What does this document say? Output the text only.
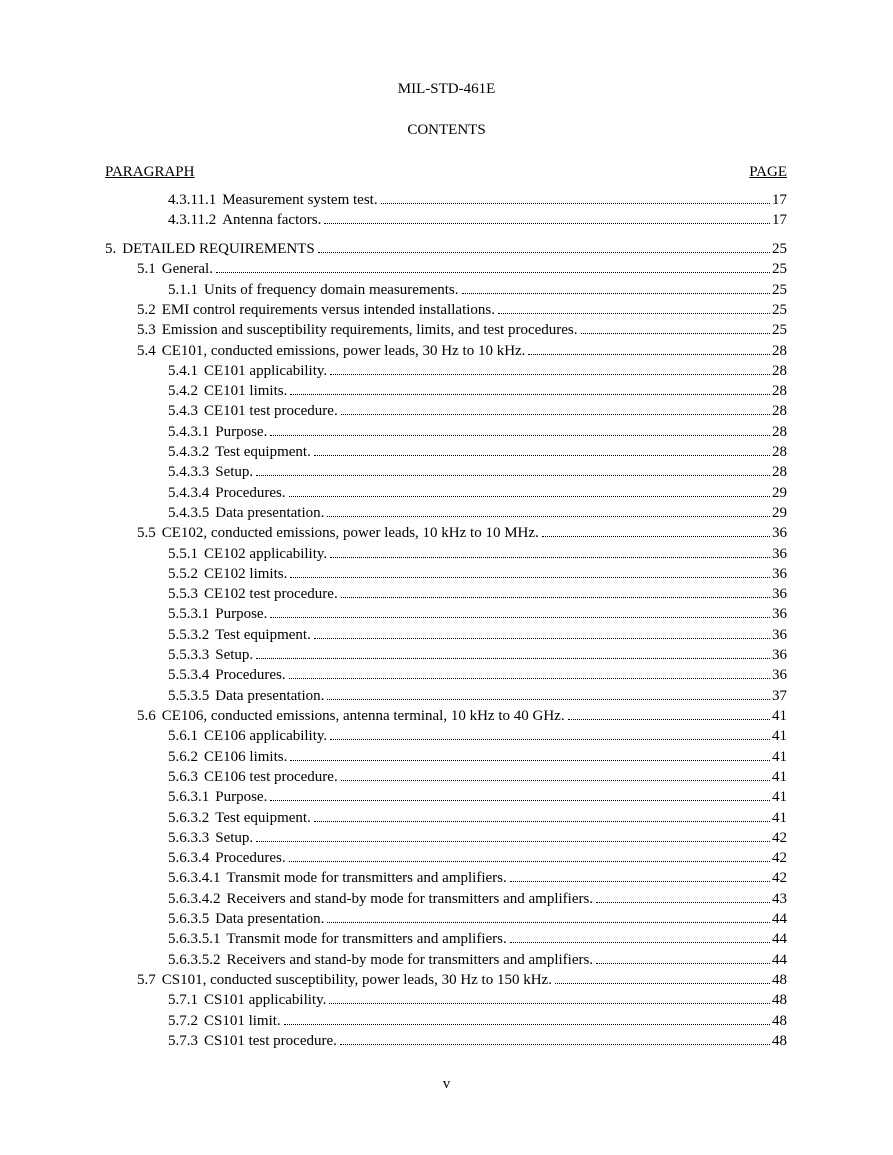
MIL-STD-461E
CONTENTS
PARAGRAPH	PAGE
4.3.11.1 Measurement system test.	17
4.3.11.2 Antenna factors.	17
5. DETAILED REQUIREMENTS	25
5.1 General.	25
5.1.1 Units of frequency domain measurements.	25
5.2 EMI control requirements versus intended installations.	25
5.3 Emission and susceptibility requirements, limits, and test procedures.	25
5.4 CE101, conducted emissions, power leads, 30 Hz to 10 kHz.	28
5.4.1 CE101 applicability.	28
5.4.2 CE101 limits.	28
5.4.3 CE101 test procedure.	28
5.4.3.1 Purpose.	28
5.4.3.2 Test equipment.	28
5.4.3.3 Setup.	28
5.4.3.4 Procedures.	29
5.4.3.5 Data presentation.	29
5.5 CE102, conducted emissions, power leads, 10 kHz to 10 MHz.	36
5.5.1 CE102 applicability.	36
5.5.2 CE102 limits.	36
5.5.3 CE102 test procedure.	36
5.5.3.1 Purpose.	36
5.5.3.2 Test equipment.	36
5.5.3.3 Setup.	36
5.5.3.4 Procedures.	36
5.5.3.5 Data presentation.	37
5.6 CE106, conducted emissions, antenna terminal, 10 kHz to 40 GHz.	41
5.6.1 CE106 applicability.	41
5.6.2 CE106 limits.	41
5.6.3 CE106 test procedure.	41
5.6.3.1 Purpose.	41
5.6.3.2 Test equipment.	41
5.6.3.3 Setup.	42
5.6.3.4 Procedures.	42
5.6.3.4.1 Transmit mode for transmitters and amplifiers.	42
5.6.3.4.2 Receivers and stand-by mode for transmitters and amplifiers.	43
5.6.3.5 Data presentation.	44
5.6.3.5.1 Transmit mode for transmitters and amplifiers.	44
5.6.3.5.2 Receivers and stand-by mode for transmitters and amplifiers.	44
5.7 CS101, conducted susceptibility, power leads, 30 Hz to 150 kHz.	48
5.7.1 CS101 applicability.	48
5.7.2 CS101 limit.	48
5.7.3 CS101 test procedure.	48
v
